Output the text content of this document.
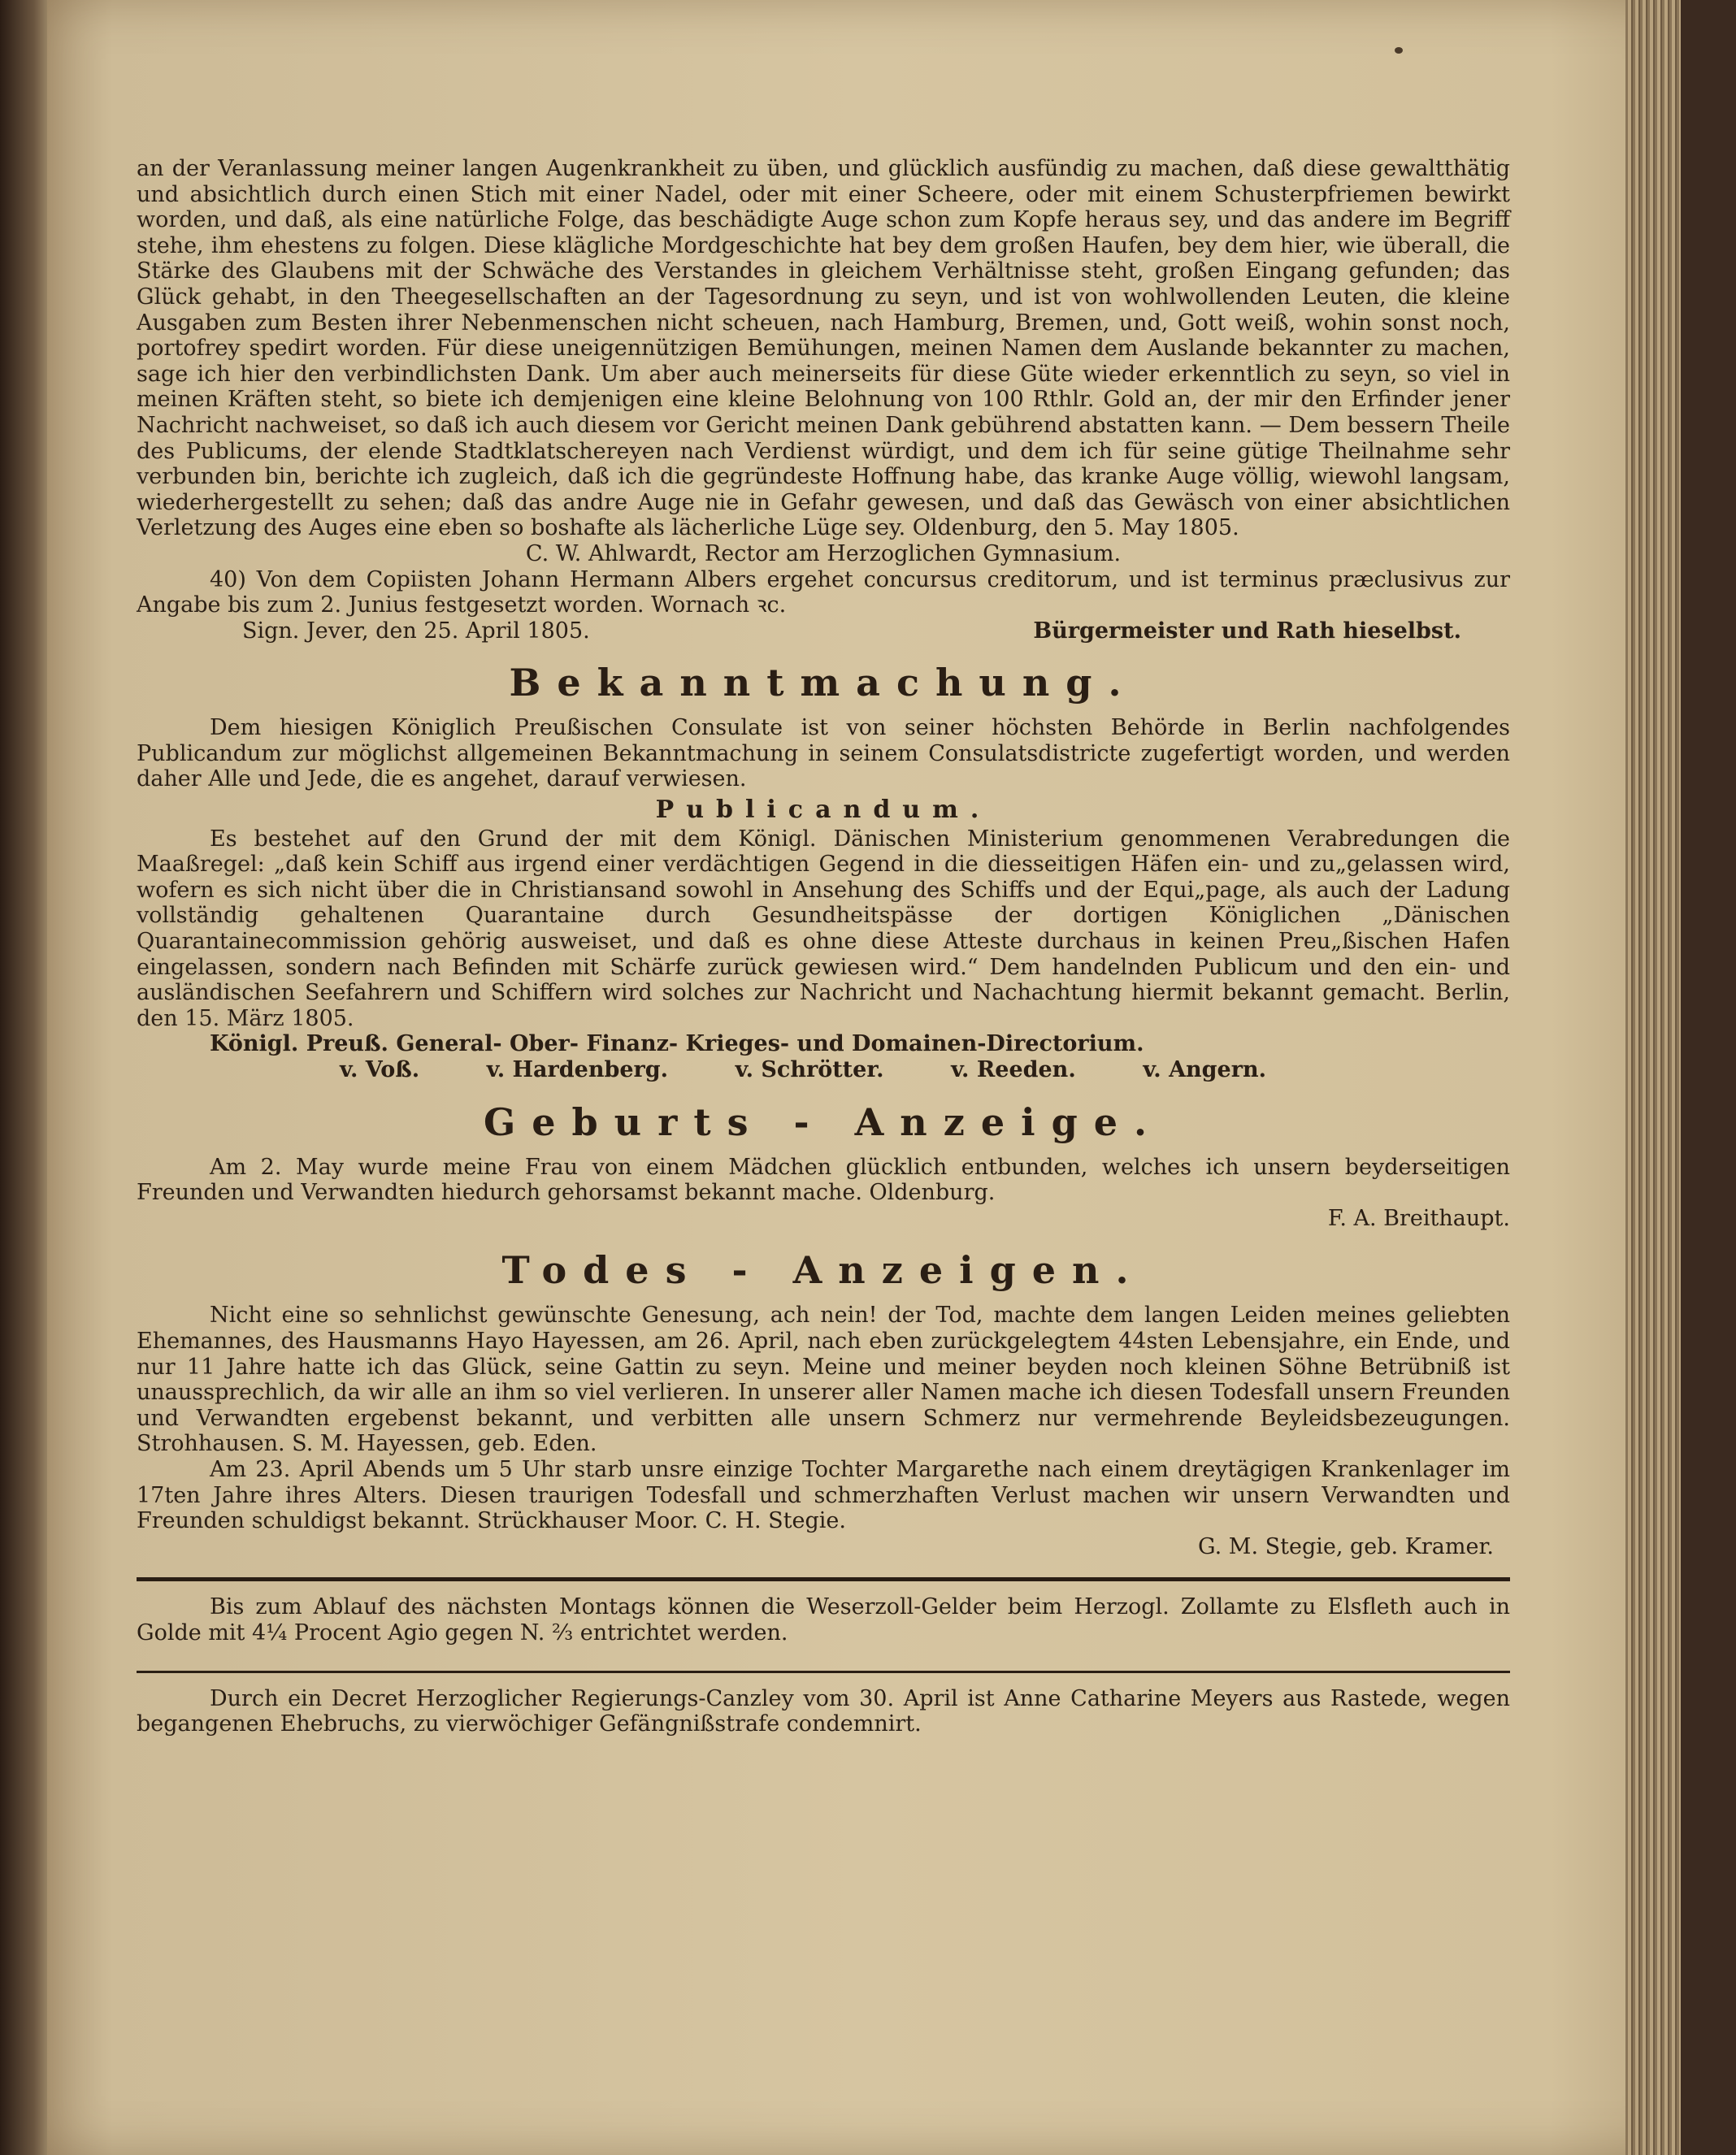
an der Veranlassung meiner langen Augenkrankheit zu üben, und glücklich ausfündig zu machen, daß diese gewaltthätig und absichtlich durch einen Stich mit einer Nadel, oder mit einer Scheere, oder mit einem Schusterpfriemen bewirkt worden, und daß, als eine natürliche Folge, das beschädigte Auge schon zum Kopfe heraus sey, und das andere im Begriff stehe, ihm ehestens zu folgen. Diese klägliche Mordgeschichte hat bey dem großen Haufen, bey dem hier, wie überall, die Stärke des Glaubens mit der Schwäche des Verstandes in gleichem Verhältnisse steht, großen Eingang gefunden; das Glück gehabt, in den Theegesellschaften an der Tagesordnung zu seyn, und ist von wohlwollenden Leuten, die kleine Ausgaben zum Besten ihrer Nebenmenschen nicht scheuen, nach Hamburg, Bremen, und, Gott weiß, wohin sonst noch, portofrey spedirt worden. Für diese uneigennützigen Bemühungen, meinen Namen dem Auslande bekannter zu machen, sage ich hier den verbindlichsten Dank. Um aber auch meinerseits für diese Güte wieder erkenntlich zu seyn, so viel in meinen Kräften steht, so biete ich demjenigen eine kleine Belohnung von 100 Rthlr. Gold an, der mir den Erfinder jener Nachricht nachweiset, so daß ich auch diesem vor Gericht meinen Dank gebührend abstatten kann. — Dem bessern Theile des Publicums, der elende Stadtklatschereyen nach Verdienst würdigt, und dem ich für seine gütige Theilnahme sehr verbunden bin, berichte ich zugleich, daß ich die gegründeste Hoffnung habe, das kranke Auge völlig, wiewohl langsam, wiederhergestellt zu sehen; daß das andre Auge nie in Gefahr gewesen, und daß das Gewäsch von einer absichtlichen Verletzung des Auges eine eben so boshafte als lächerliche Lüge sey. Oldenburg, den 5. May 1805.

C. W. Ahlwardt, Rector am Herzoglichen Gymnasium.

40) Von dem Copiisten Johann Hermann Albers ergehet concursus creditorum, und ist terminus præclusivus zur Angabe bis zum 2. Junius festgesetzt worden. Wornach ꝛc.

Sign. Jever, den 25. April 1805.	Bürgermeister und Rath hieselbst.
Bekanntmachung.

Dem hiesigen Königlich Preußischen Consulate ist von seiner höchsten Behörde in Berlin nachfolgendes Publicandum zur möglichst allgemeinen Bekanntmachung in seinem Consulatsdistricte zugefertigt worden, und werden daher Alle und Jede, die es angehet, darauf verwiesen.

Publicandum.

Es bestehet auf den Grund der mit dem Königl. Dänischen Ministerium genommenen Verabredungen die Maaßregel: „daß kein Schiff aus irgend einer verdächtigen Gegend in die diesseitigen Häfen ein- und zu„gelassen wird, wofern es sich nicht über die in Christiansand sowohl in Ansehung des Schiffs und der Equi„page, als auch der Ladung vollständig gehaltenen Quarantaine durch Gesundheitspässe der dortigen Königlichen „Dänischen Quarantainecommission gehörig ausweiset, und daß es ohne diese Atteste durchaus in keinen Preu„ßischen Hafen eingelassen, sondern nach Befinden mit Schärfe zurück gewiesen wird.“ Dem handelnden Publicum und den ein- und ausländischen Seefahrern und Schiffern wird solches zur Nachricht und Nachachtung hiermit bekannt gemacht. Berlin, den 15. März 1805.

Königl. Preuß. General- Ober- Finanz- Krieges- und Domainen-Directorium.

v. Voß.	v. Hardenberg.	v. Schrötter.	v. Reeden.	v. Angern.
Geburts - Anzeige.

Am 2. May wurde meine Frau von einem Mädchen glücklich entbunden, welches ich unsern beyderseitigen Freunden und Verwandten hiedurch gehorsamst bekannt mache. Oldenburg.

F. A. Breithaupt.

Todes - Anzeigen.

Nicht eine so sehnlichst gewünschte Genesung, ach nein! der Tod, machte dem langen Leiden meines geliebten Ehemannes, des Hausmanns Hayo Hayessen, am 26. April, nach eben zurückgelegtem 44sten Lebensjahre, ein Ende, und nur 11 Jahre hatte ich das Glück, seine Gattin zu seyn. Meine und meiner beyden noch kleinen Söhne Betrübniß ist unaussprechlich, da wir alle an ihm so viel verlieren. In unserer aller Namen mache ich diesen Todesfall unsern Freunden und Verwandten ergebenst bekannt, und verbitten alle unsern Schmerz nur vermehrende Beyleidsbezeugungen. Strohhausen. S. M. Hayessen, geb. Eden.

Am 23. April Abends um 5 Uhr starb unsre einzige Tochter Margarethe nach einem dreytägigen Krankenlager im 17ten Jahre ihres Alters. Diesen traurigen Todesfall und schmerzhaften Verlust machen wir unsern Verwandten und Freunden schuldigst bekannt. Strückhauser Moor. C. H. Stegie.

G. M. Stegie, geb. Kramer.

Bis zum Ablauf des nächsten Montags können die Weserzoll-Gelder beim Herzogl. Zollamte zu Elsfleth auch in Golde mit 4¼ Procent Agio gegen N. ⅔ entrichtet werden.

Durch ein Decret Herzoglicher Regierungs-Canzley vom 30. April ist Anne Catharine Meyers aus Rastede, wegen begangenen Ehebruchs, zu vierwöchiger Gefängnißstrafe condemnirt.
